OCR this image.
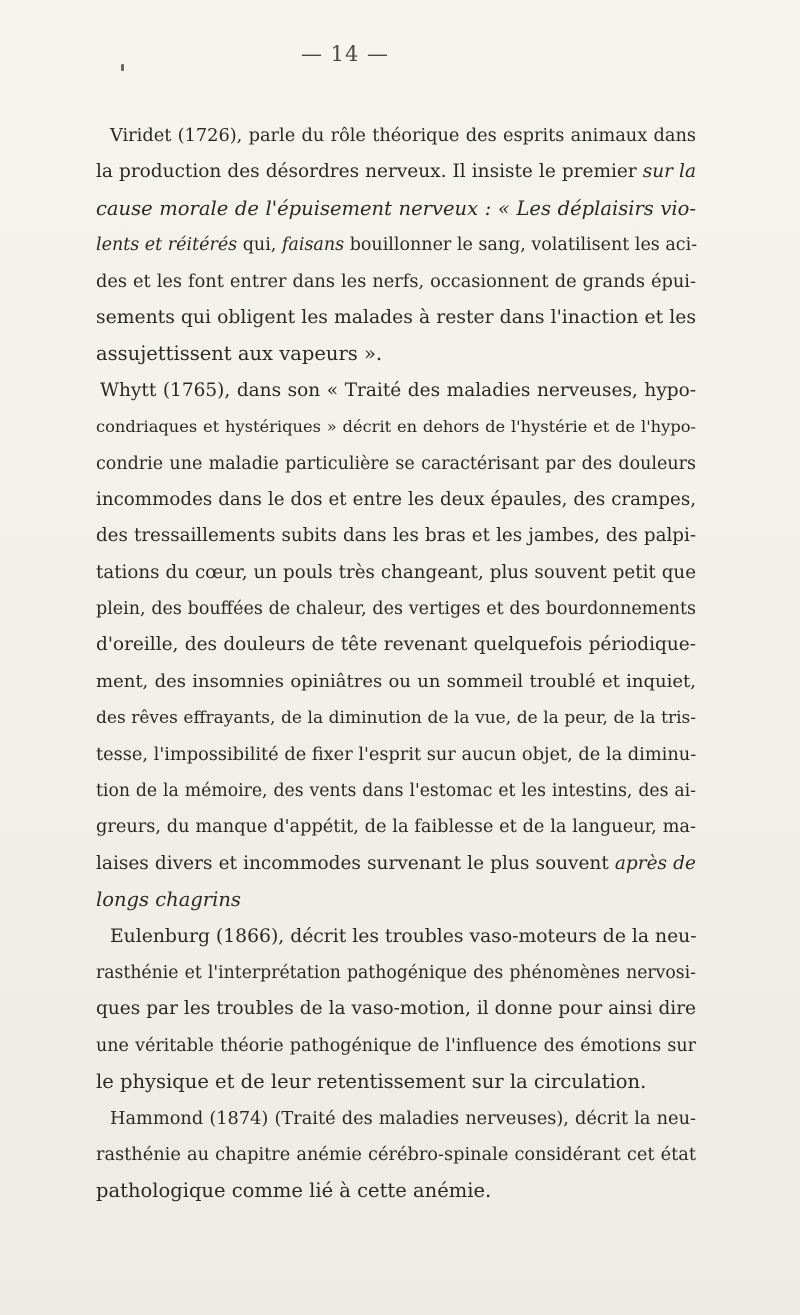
— 14 —
Viridet (1726), parle du rôle théorique des esprits animaux dans
la production des désordres nerveux. Il insiste le premier sur la
cause morale de l'épuisement nerveux : « Les déplaisirs vio-
lents et réitérés qui, faisans bouillonner le sang, volatilisent les aci-
des et les font entrer dans les nerfs, occasionnent de grands épui-
sements qui obligent les malades à rester dans l'inaction et les
assujettissent aux vapeurs ».
Whytt (1765), dans son « Traité des maladies nerveuses, hypo-
condriaques et hystériques » décrit en dehors de l'hystérie et de l'hypo-
condrie une maladie particulière se caractérisant par des douleurs
incommodes dans le dos et entre les deux épaules, des crampes,
des tressaillements subits dans les bras et les jambes, des palpi-
tations du cœur, un pouls très changeant, plus souvent petit que
plein, des bouffées de chaleur, des vertiges et des bourdonnements
d'oreille, des douleurs de tête revenant quelquefois périodique-
ment, des insomnies opiniâtres ou un sommeil troublé et inquiet,
des rêves effrayants, de la diminution de la vue, de la peur, de la tris-
tesse, l'impossibilité de fixer l'esprit sur aucun objet, de la diminu-
tion de la mémoire, des vents dans l'estomac et les intestins, des ai-
greurs, du manque d'appétit, de la faiblesse et de la langueur, ma-
laises divers et incommodes survenant le plus souvent après de
longs chagrins
Eulenburg (1866), décrit les troubles vaso-moteurs de la neu-
rasthénie et l'interprétation pathogénique des phénomènes nervosi-
ques par les troubles de la vaso-motion, il donne pour ainsi dire
une véritable théorie pathogénique de l'influence des émotions sur
le physique et de leur retentissement sur la circulation.
Hammond (1874) (Traité des maladies nerveuses), décrit la neu-
rasthénie au chapitre anémie cérébro-spinale considérant cet état
pathologique comme lié à cette anémie.
